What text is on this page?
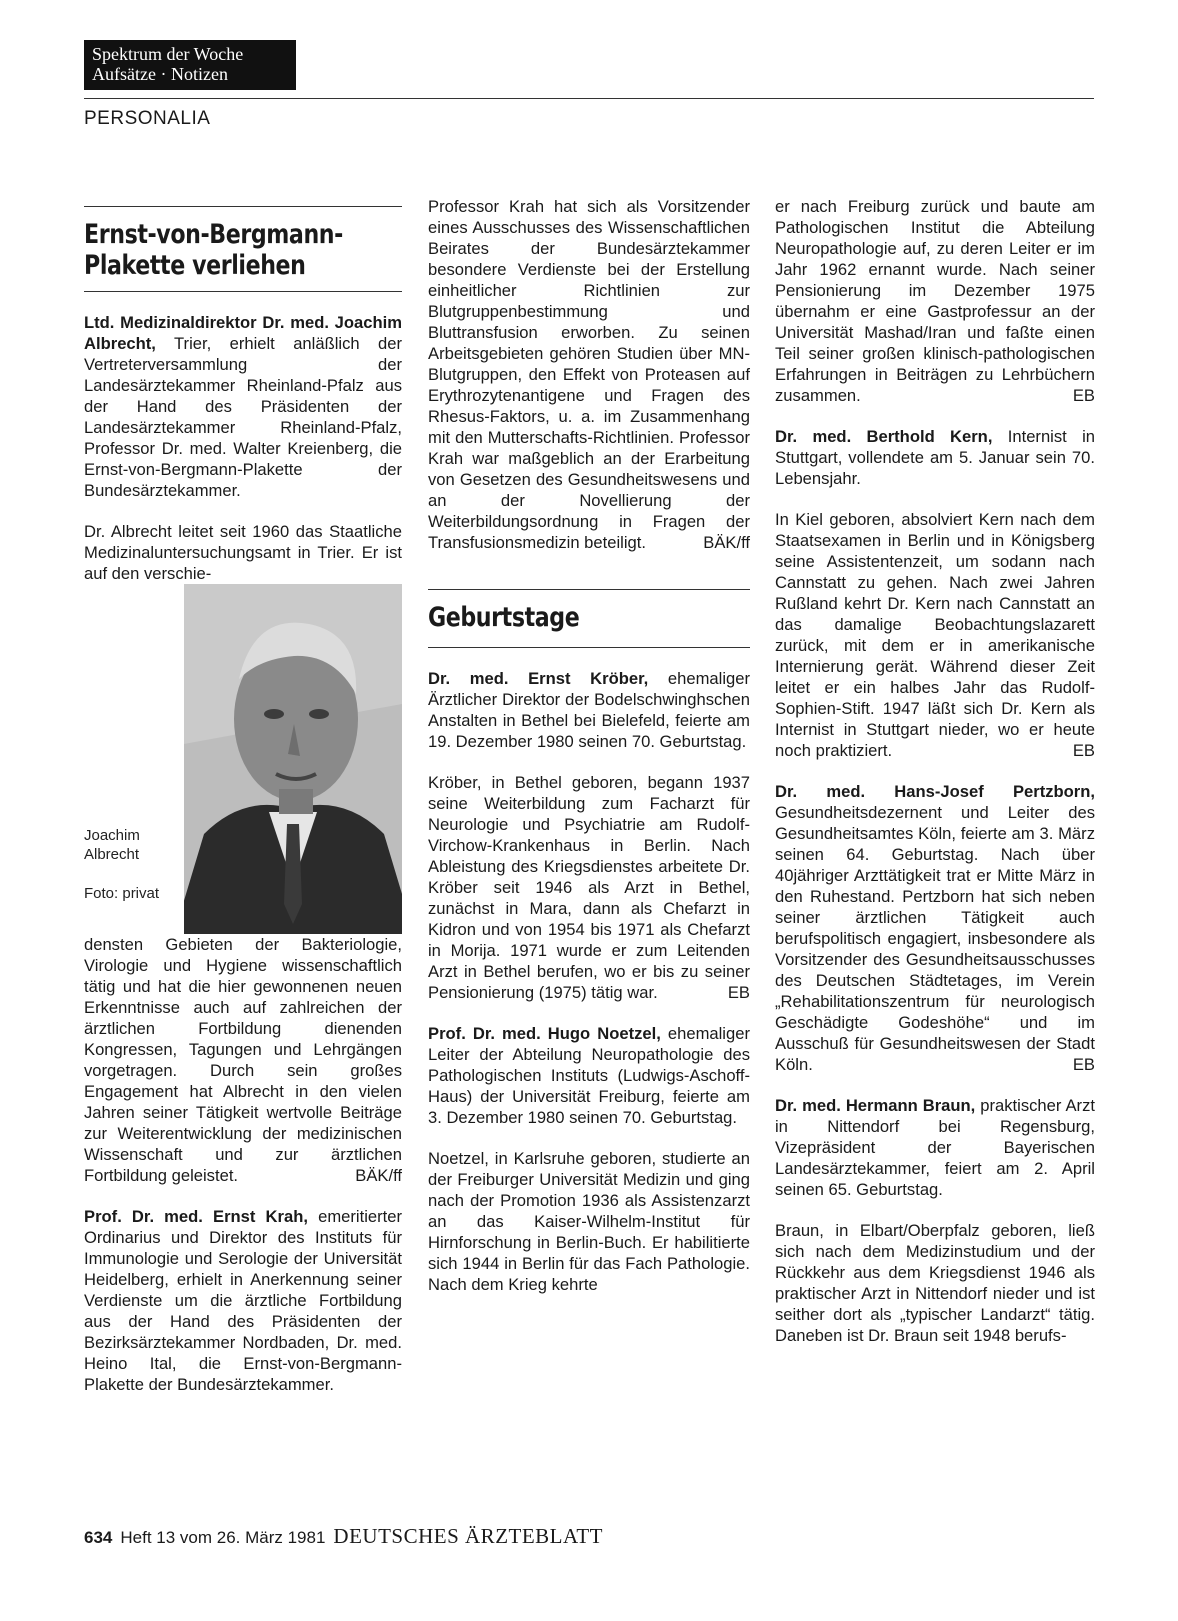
Spektrum der Woche
Aufsätze · Notizen
PERSONALIA
Ernst-von-Bergmann-
Plakette verliehen

Ltd. Medizinaldirektor Dr. med. Joachim Albrecht, Trier, erhielt anläßlich der Vertreterversammlung der Landesärztekammer Rheinland-Pfalz aus der Hand des Präsidenten der Landesärztekammer Rheinland-Pfalz, Professor Dr. med. Walter Kreienberg, die Ernst-von-Bergmann-Plakette der Bundesärztekammer.

Dr. Albrecht leitet seit 1960 das Staatliche Medizinaluntersuchungsamt in Trier. Er ist auf den verschie-

Joachim Albrecht
Foto: privat

densten Gebieten der Bakteriologie, Virologie und Hygiene wissenschaftlich tätig und hat die hier gewonnenen neuen Erkenntnisse auch auf zahlreichen der ärztlichen Fortbildung dienenden Kongressen, Tagungen und Lehrgängen vorgetragen. Durch sein großes Engagement hat Albrecht in den vielen Jahren seiner Tätigkeit wertvolle Beiträge zur Weiterentwicklung der medizinischen Wissenschaft und zur ärztlichen Fortbildung geleistet.	BÄK/ff

Prof. Dr. med. Ernst Krah, emeritierter Ordinarius und Direktor des Instituts für Immunologie und Serologie der Universität Heidelberg, erhielt in Anerkennung seiner Verdienste um die ärztliche Fortbildung aus der Hand des Präsidenten der Bezirksärztekammer Nordbaden, Dr. med. Heino Ital, die Ernst-von-Bergmann-Plakette der Bundesärztekammer.

Professor Krah hat sich als Vorsitzender eines Ausschusses des Wissenschaftlichen Beirates der Bundesärztekammer besondere Verdienste bei der Erstellung einheitlicher Richtlinien zur Blutgruppenbestimmung und Bluttransfusion erworben. Zu seinen Arbeitsgebieten gehören Studien über MN-Blutgruppen, den Effekt von Proteasen auf Erythrozytenantigene und Fragen des Rhesus-Faktors, u. a. im Zusammenhang mit den Mutterschafts-Richtlinien. Professor Krah war maßgeblich an der Erarbeitung von Gesetzen des Gesundheitswesens und an der Novellierung der Weiterbildungsordnung in Fragen der Transfusionsmedizin beteiligt.	BÄK/ff

Geburtstage

Dr. med. Ernst Kröber, ehemaliger Ärztlicher Direktor der Bodelschwinghschen Anstalten in Bethel bei Bielefeld, feierte am 19. Dezember 1980 seinen 70. Geburtstag.

Kröber, in Bethel geboren, begann 1937 seine Weiterbildung zum Facharzt für Neurologie und Psychiatrie am Rudolf-Virchow-Krankenhaus in Berlin. Nach Ableistung des Kriegsdienstes arbeitete Dr. Kröber seit 1946 als Arzt in Bethel, zunächst in Mara, dann als Chefarzt in Kidron und von 1954 bis 1971 als Chefarzt in Morija. 1971 wurde er zum Leitenden Arzt in Bethel berufen, wo er bis zu seiner Pensionierung (1975) tätig war.	EB

Prof. Dr. med. Hugo Noetzel, ehemaliger Leiter der Abteilung Neuropathologie des Pathologischen Instituts (Ludwigs-Aschoff-Haus) der Universität Freiburg, feierte am 3. Dezember 1980 seinen 70. Geburtstag.

Noetzel, in Karlsruhe geboren, studierte an der Freiburger Universität Medizin und ging nach der Promotion 1936 als Assistenzarzt an das Kaiser-Wilhelm-Institut für Hirnforschung in Berlin-Buch. Er habilitierte sich 1944 in Berlin für das Fach Pathologie. Nach dem Krieg kehrte

er nach Freiburg zurück und baute am Pathologischen Institut die Abteilung Neuropathologie auf, zu deren Leiter er im Jahr 1962 ernannt wurde. Nach seiner Pensionierung im Dezember 1975 übernahm er eine Gastprofessur an der Universität Mashad/Iran und faßte einen Teil seiner großen klinisch-pathologischen Erfahrungen in Beiträgen zu Lehrbüchern zusammen.	EB

Dr. med. Berthold Kern, Internist in Stuttgart, vollendete am 5. Januar sein 70. Lebensjahr.

In Kiel geboren, absolviert Kern nach dem Staatsexamen in Berlin und in Königsberg seine Assistentenzeit, um sodann nach Cannstatt zu gehen. Nach zwei Jahren Rußland kehrt Dr. Kern nach Cannstatt an das damalige Beobachtungslazarett zurück, mit dem er in amerikanische Internierung gerät. Während dieser Zeit leitet er ein halbes Jahr das Rudolf-Sophien-Stift. 1947 läßt sich Dr. Kern als Internist in Stuttgart nieder, wo er heute noch praktiziert.	EB

Dr. med. Hans-Josef Pertzborn, Gesundheitsdezernent und Leiter des Gesundheitsamtes Köln, feierte am 3. März seinen 64. Geburtstag. Nach über 40jähriger Arzttätigkeit trat er Mitte März in den Ruhestand. Pertzborn hat sich neben seiner ärztlichen Tätigkeit auch berufspolitisch engagiert, insbesondere als Vorsitzender des Gesundheitsausschusses des Deutschen Städtetages, im Verein „Rehabilitationszentrum für neurologisch Geschädigte Godeshöhe“ und im Ausschuß für Gesundheitswesen der Stadt Köln.	EB

Dr. med. Hermann Braun, praktischer Arzt in Nittendorf bei Regensburg, Vizepräsident der Bayerischen Landesärztekammer, feiert am 2. April seinen 65. Geburtstag.

Braun, in Elbart/Oberpfalz geboren, ließ sich nach dem Medizinstudium und der Rückkehr aus dem Kriegsdienst 1946 als praktischer Arzt in Nittendorf nieder und ist seither dort als „typischer Landarzt“ tätig. Daneben ist Dr. Braun seit 1948 berufs-

634 Heft 13 vom 26. März 1981 DEUTSCHES ÄRZTEBLATT
